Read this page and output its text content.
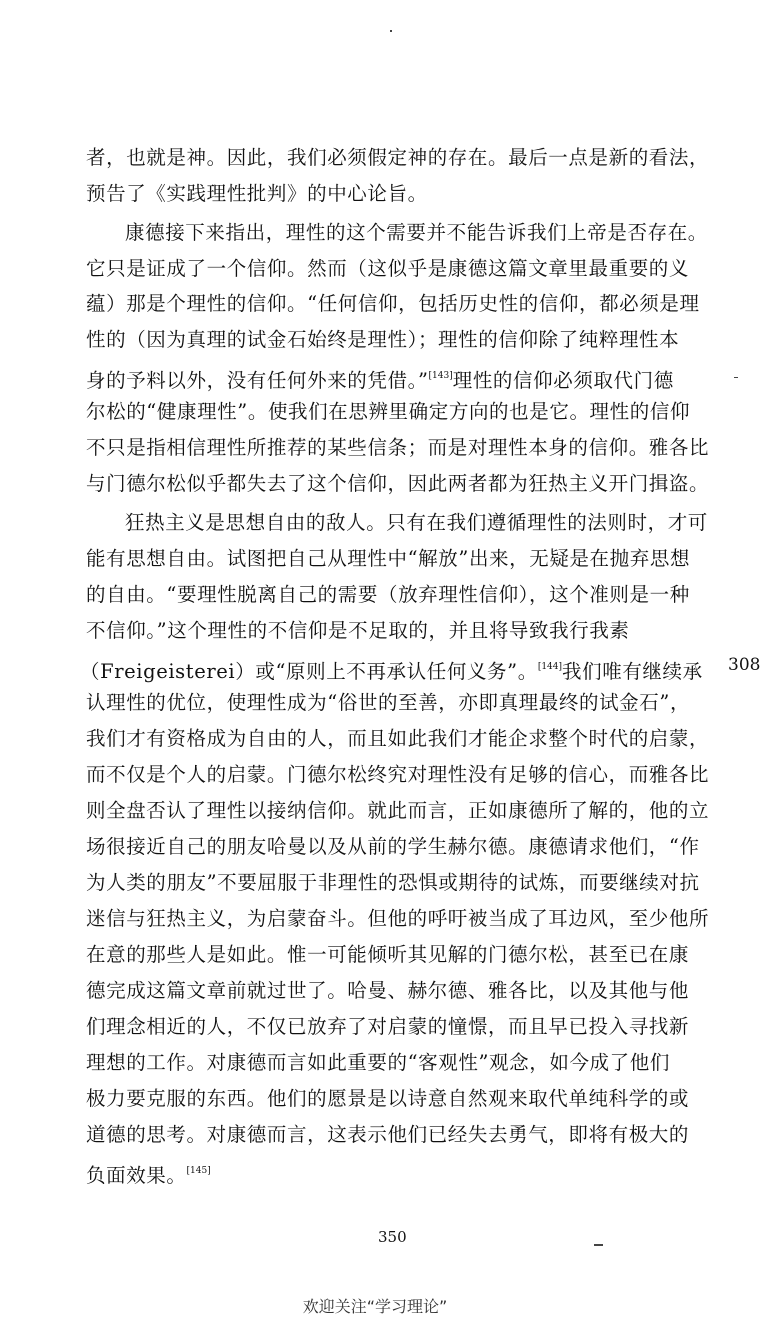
者，也就是神。因此，我们必须假定神的存在。最后一点是新的看法，
预告了《实践理性批判》的中心论旨。
康德接下来指出，理性的这个需要并不能告诉我们上帝是否存在。
它只是证成了一个信仰。然而（这似乎是康德这篇文章里最重要的义
蕴）那是个理性的信仰。“任何信仰，包括历史性的信仰，都必须是理
性的（因为真理的试金石始终是理性）；理性的信仰除了纯粹理性本
身的予料以外，没有任何外来的凭借。”[143]理性的信仰必须取代门德
尔松的“健康理性”。使我们在思辨里确定方向的也是它。理性的信仰
不只是指相信理性所推荐的某些信条；而是对理性本身的信仰。雅各比
与门德尔松似乎都失去了这个信仰，因此两者都为狂热主义开门揖盗。
狂热主义是思想自由的敌人。只有在我们遵循理性的法则时，才可
能有思想自由。试图把自己从理性中“解放”出来，无疑是在抛弃思想
的自由。“要理性脱离自己的需要（放弃理性信仰），这个准则是一种
不信仰。”这个理性的不信仰是不足取的，并且将导致我行我素
（Freigeisterei）或“原则上不再承认任何义务”。[144]我们唯有继续承
认理性的优位，使理性成为“俗世的至善，亦即真理最终的试金石”，
我们才有资格成为自由的人，而且如此我们才能企求整个时代的启蒙，
而不仅是个人的启蒙。门德尔松终究对理性没有足够的信心，而雅各比
则全盘否认了理性以接纳信仰。就此而言，正如康德所了解的，他的立
场很接近自己的朋友哈曼以及从前的学生赫尔德。康德请求他们，“作
为人类的朋友”不要屈服于非理性的恐惧或期待的试炼，而要继续对抗
迷信与狂热主义，为启蒙奋斗。但他的呼吁被当成了耳边风，至少他所
在意的那些人是如此。惟一可能倾听其见解的门德尔松，甚至已在康
德完成这篇文章前就过世了。哈曼、赫尔德、雅各比，以及其他与他
们理念相近的人，不仅已放弃了对启蒙的憧憬，而且早已投入寻找新
理想的工作。对康德而言如此重要的“客观性”观念，如今成了他们
极力要克服的东西。他们的愿景是以诗意自然观来取代单纯科学的或
道德的思考。对康德而言，这表示他们已经失去勇气，即将有极大的
负面效果。[145]
308
350
欢迎关注“学习理论”
